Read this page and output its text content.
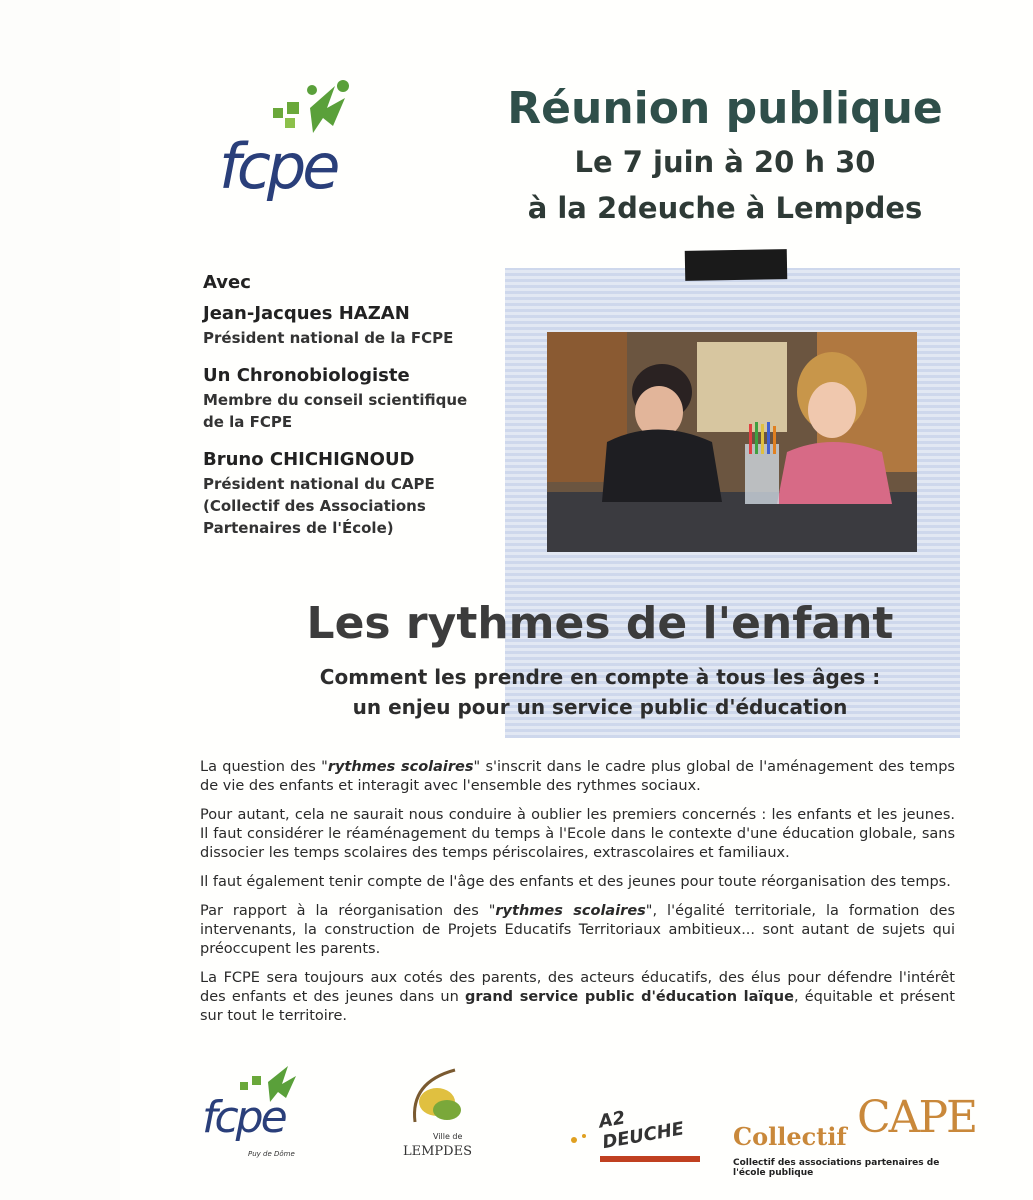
fcpe
Réunion publique
Le 7 juin à 20 h 30
à la 2deuche à Lempdes
Avec
Jean-Jacques HAZAN
Président national de la FCPE
Un Chronobiologiste
Membre du conseil scientifique
de la FCPE
Bruno CHICHIGNOUD
Président national du CAPE
(Collectif des Associations
Partenaires de l'École)
Les rythmes de l'enfant
Comment les prendre en compte à tous les âges :
un enjeu pour un service public d'éducation

La question des "rythmes scolaires" s'inscrit dans le cadre plus global de l'aménagement des temps de vie des enfants et interagit avec l'ensemble des rythmes sociaux.

Pour autant, cela ne saurait nous conduire à oublier les premiers concernés : les enfants et les jeunes. Il faut considérer le réaménagement du temps à l'Ecole dans le contexte d'une éducation globale, sans dissocier les temps scolaires des temps périscolaires, extrascolaires et familiaux.

Il faut également tenir compte de l'âge des enfants et des jeunes pour toute réorganisation des temps.

Par rapport à la réorganisation des "rythmes scolaires", l'égalité territoriale, la formation des intervenants, la construction de Projets Educatifs Territoriaux ambitieux... sont autant de sujets qui préoccupent les parents.

La FCPE sera toujours aux cotés des parents, des acteurs éducatifs, des élus pour défendre l'intérêt des enfants et des jeunes dans un grand service public d'éducation laïque, équitable et présent sur tout le territoire.

fcpe
Puy de Dôme
Ville de
LEMPDES
A2 DEUCHE	Collectif CAPE
Collectif des associations partenaires de l'école publique
